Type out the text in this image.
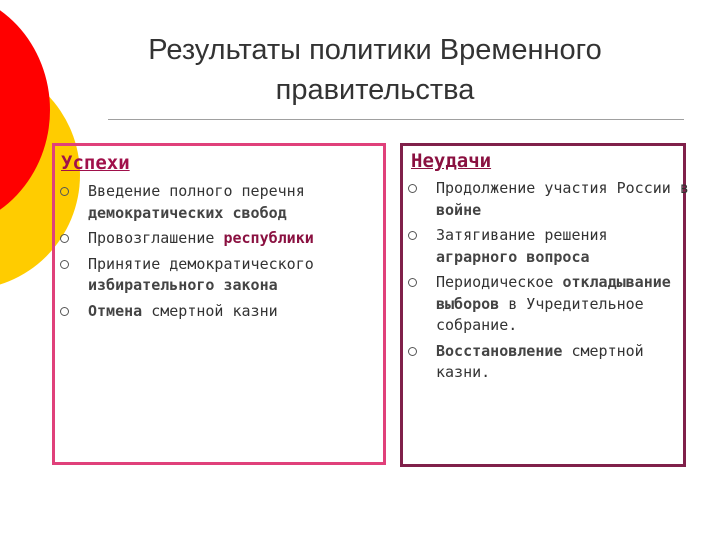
Результаты политики Временного
правительства
Успехи
Введение полного перечня демократических свобод
Провозглашение республики
Принятие демократического избирательного закона
Отмена смертной казни
Неудачи
Продолжение участия России в войне
Затягивание решения аграрного вопроса
Периодическое откладывание выборов в Учредительное собрание.
Восстановление смертной казни.
